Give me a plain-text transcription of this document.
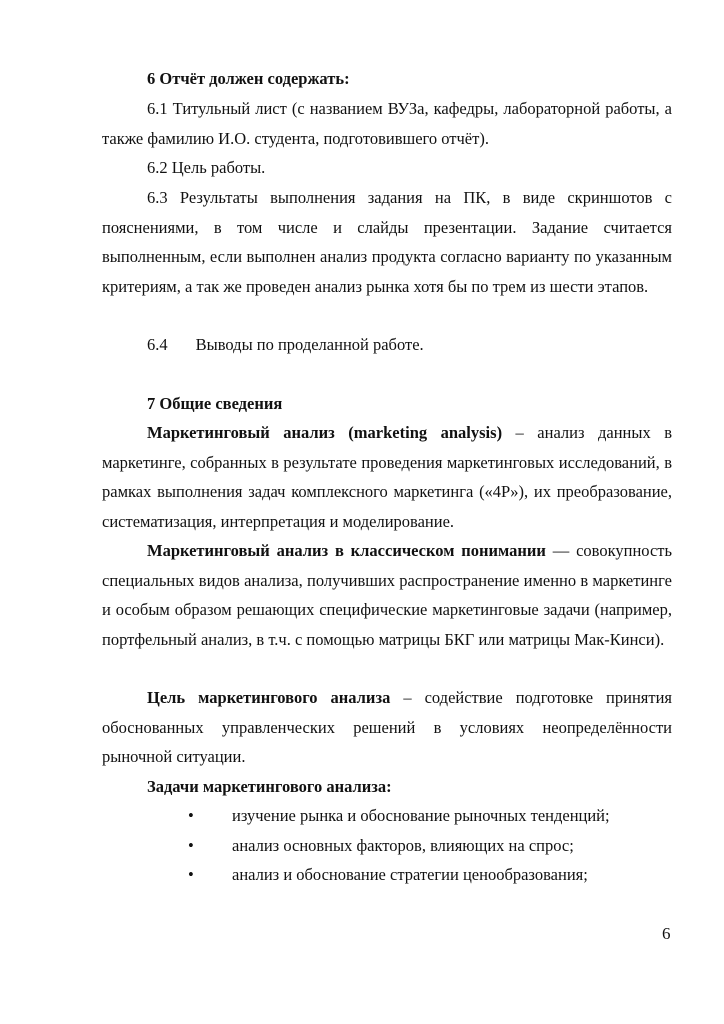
6 Отчёт должен содержать:
6.1 Титульный лист (с названием ВУЗа, кафедры, лабораторной работы, а также фамилию И.О. студента, подготовившего отчёт).
6.2 Цель работы.
6.3 Результаты выполнения задания на ПК, в виде скриншотов с пояснениями, в том числе и слайды презентации. Задание считается выполненным, если выполнен анализ продукта согласно варианту по указанным критериям, а так же проведен анализ рынка хотя бы по трем из шести этапов.
6.4 Выводы по проделанной работе.
7 Общие сведения
Маркетинговый анализ (marketing analysis) – анализ данных в маркетинге, собранных в результате проведения маркетинговых исследований, в рамках выполнения задач комплексного маркетинга («4P»), их преобразование, систематизация, интерпретация и моделирование.
Маркетинговый анализ в классическом понимании — совокупность специальных видов анализа, получивших распространение именно в маркетинге и особым образом решающих специфические маркетинговые задачи (например, портфельный анализ, в т.ч. с помощью матрицы БКГ или матрицы Мак-Кинси).
Цель маркетингового анализа – содействие подготовке принятия обоснованных управленческих решений в условиях неопределённости рыночной ситуации.
Задачи маркетингового анализа:
• изучение рынка и обоснование рыночных тенденций;
• анализ основных факторов, влияющих на спрос;
• анализ и обоснование стратегии ценообразования;
6
